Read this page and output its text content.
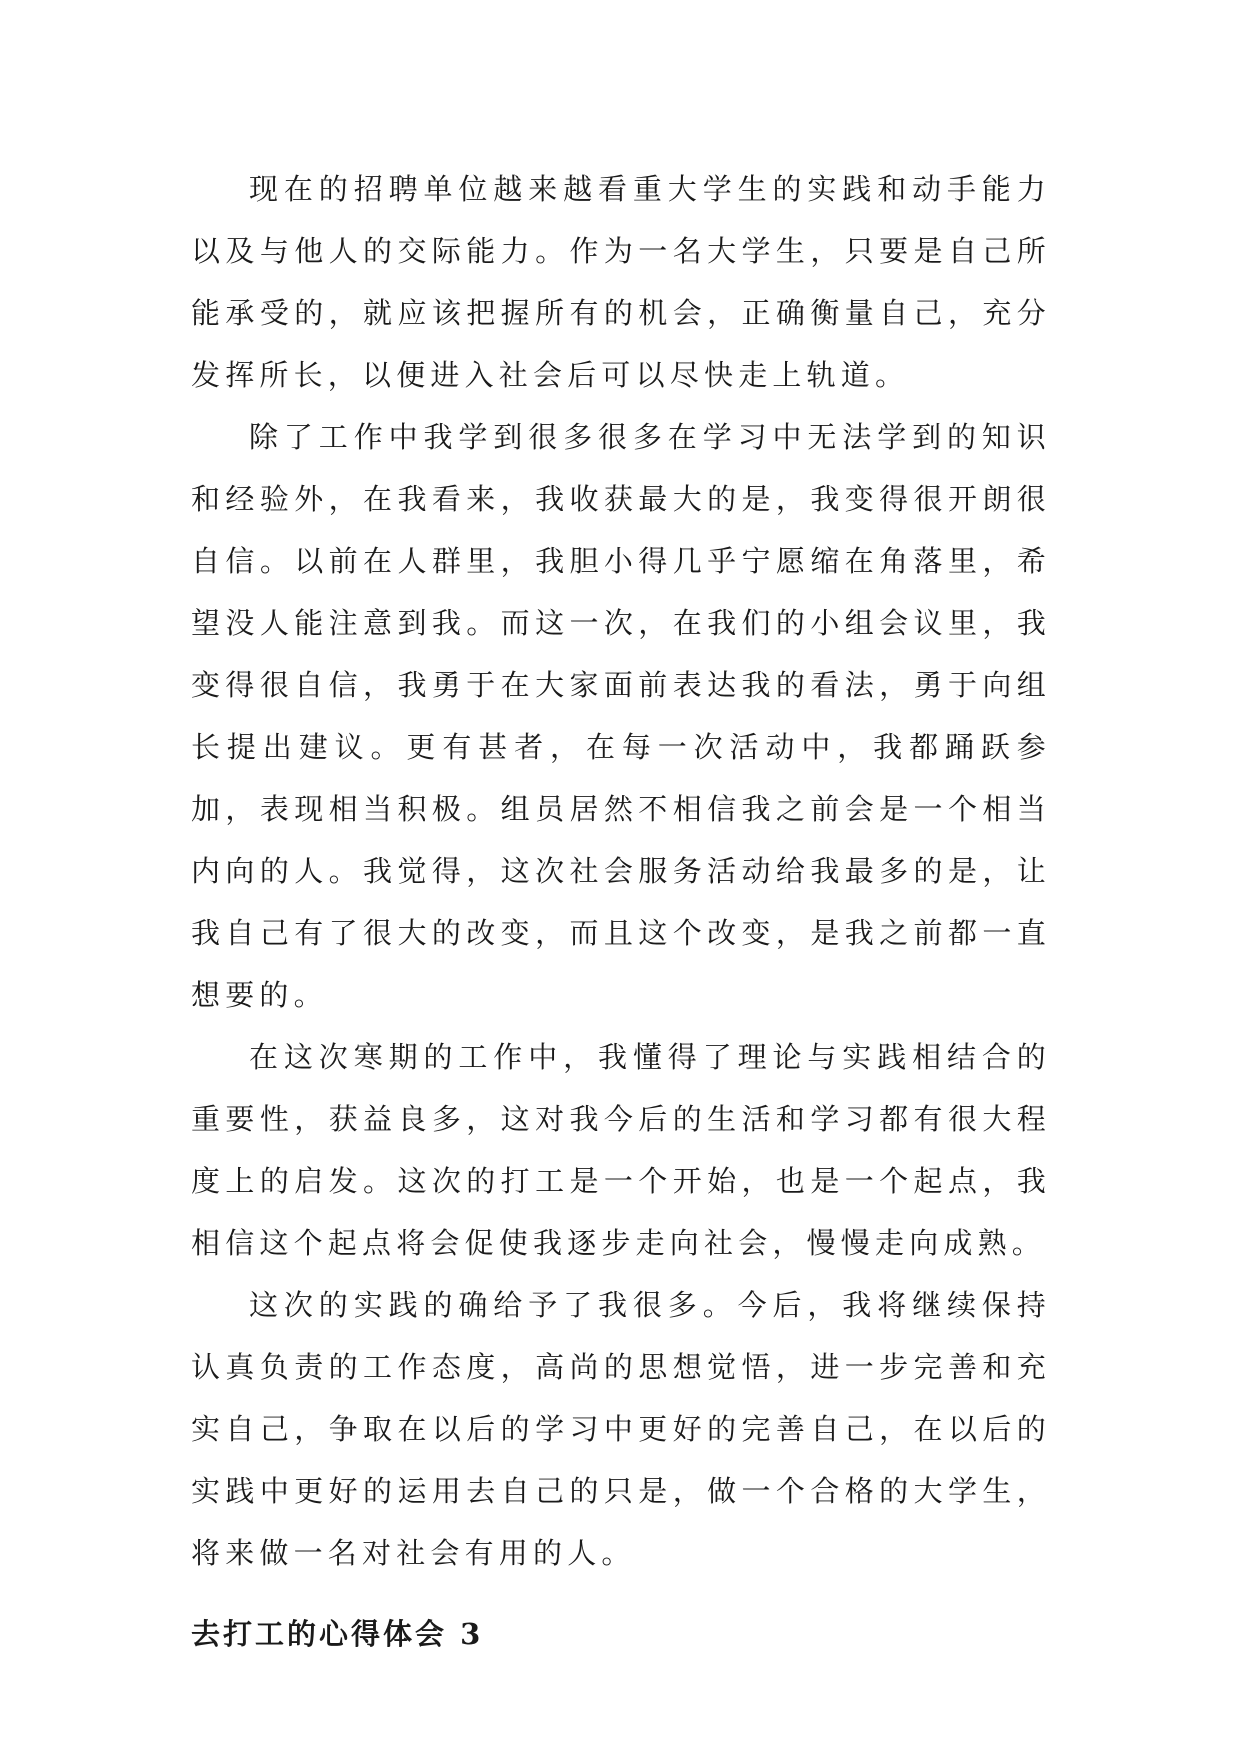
现在的招聘单位越来越看重大学生的实践和动手能力以及与他人的交际能力。作为一名大学生，只要是自己所能承受的，就应该把握所有的机会，正确衡量自己，充分发挥所长，以便进入社会后可以尽快走上轨道。

除了工作中我学到很多很多在学习中无法学到的知识和经验外，在我看来，我收获最大的是，我变得很开朗很自信。以前在人群里，我胆小得几乎宁愿缩在角落里，希望没人能注意到我。而这一次，在我们的小组会议里，我变得很自信，我勇于在大家面前表达我的看法，勇于向组长提出建议。更有甚者，在每一次活动中，我都踊跃参加，表现相当积极。组员居然不相信我之前会是一个相当内向的人。我觉得，这次社会服务活动给我最多的是，让我自己有了很大的改变，而且这个改变，是我之前都一直想要的。

在这次寒期的工作中，我懂得了理论与实践相结合的重要性，获益良多，这对我今后的生活和学习都有很大程度上的启发。这次的打工是一个开始，也是一个起点，我相信这个起点将会促使我逐步走向社会，慢慢走向成熟。

这次的实践的确给予了我很多。今后，我将继续保持认真负责的工作态度，高尚的思想觉悟，进一步完善和充实自己，争取在以后的学习中更好的完善自己，在以后的实践中更好的运用去自己的只是，做一个合格的大学生，将来做一名对社会有用的人。

去打工的心得体会 3
